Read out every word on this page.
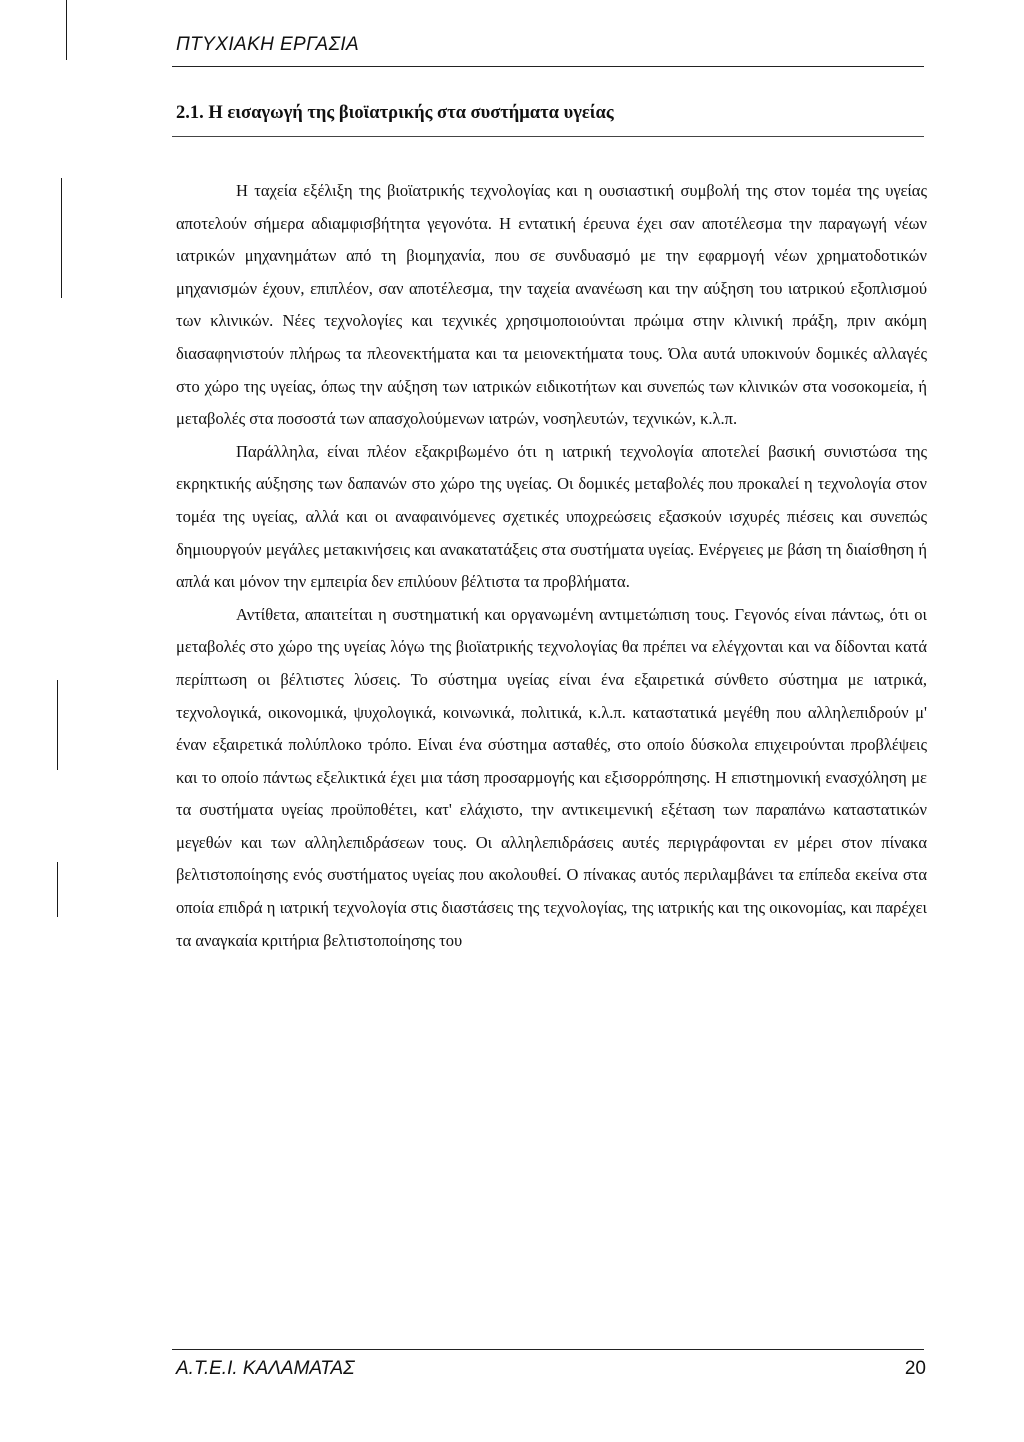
ΠΤΥΧΙΑΚΗ ΕΡΓΑΣΙΑ
2.1. Η εισαγωγή της βιοϊατρικής στα συστήματα υγείας

Η ταχεία εξέλιξη της βιοϊατρικής τεχνολογίας και η ουσιαστική συμβολή της στον τομέα της υγείας αποτελούν σήμερα αδιαμφισβήτητα γεγονότα. Η εντατική έρευνα έχει σαν αποτέλεσμα την παραγωγή νέων ιατρικών μηχανημάτων από τη βιομηχανία, που σε συνδυασμό με την εφαρμογή νέων χρηματοδοτικών μηχανισμών έχουν, επιπλέον, σαν αποτέλεσμα, την ταχεία ανανέωση και την αύξηση του ιατρικού εξοπλισμού των κλινικών. Νέες τεχνολογίες και τεχνικές χρησιμοποιούνται πρώιμα στην κλινική πράξη, πριν ακόμη διασαφηνιστούν πλήρως τα πλεονεκτήματα και τα μειονεκτήματα τους. Όλα αυτά υποκινούν δομικές αλλαγές στο χώρο της υγείας, όπως την αύξηση των ιατρικών ειδικοτήτων και συνεπώς των κλινικών στα νοσοκομεία, ή μεταβολές στα ποσοστά των απασχολούμενων ιατρών, νοσηλευτών, τεχνικών, κ.λ.π.

Παράλληλα, είναι πλέον εξακριβωμένο ότι η ιατρική τεχνολογία αποτελεί βασική συνιστώσα της εκρηκτικής αύξησης των δαπανών στο χώρο της υγείας. Οι δομικές μεταβολές που προκαλεί η τεχνολογία στον τομέα της υγείας, αλλά και οι αναφαινόμενες σχετικές υποχρεώσεις εξασκούν ισχυρές πιέσεις και συνεπώς δημιουργούν μεγάλες μετακινήσεις και ανακατατάξεις στα συστήματα υγείας. Ενέργειες με βάση τη διαίσθηση ή απλά και μόνον την εμπειρία δεν επιλύουν βέλτιστα τα προβλήματα.

Αντίθετα, απαιτείται η συστηματική και οργανωμένη αντιμετώπιση τους. Γεγονός είναι πάντως, ότι οι μεταβολές στο χώρο της υγείας λόγω της βιοϊατρικής τεχνολογίας θα πρέπει να ελέγχονται και να δίδονται κατά περίπτωση οι βέλτιστες λύσεις. Το σύστημα υγείας είναι ένα εξαιρετικά σύνθετο σύστημα με ιατρικά, τεχνολογικά, οικονομικά, ψυχολογικά, κοινωνικά, πολιτικά, κ.λ.π. καταστατικά μεγέθη που αλληλεπιδρούν μ' έναν εξαιρετικά πολύπλοκο τρόπο. Είναι ένα σύστημα ασταθές, στο οποίο δύσκολα επιχειρούνται προβλέψεις και το οποίο πάντως εξελικτικά έχει μια τάση προσαρμογής και εξισορρόπησης. Η επιστημονική ενασχόληση με τα συστήματα υγείας προϋποθέτει, κατ' ελάχιστο, την αντικειμενική εξέταση των παραπάνω καταστατικών μεγεθών και των αλληλεπιδράσεων τους. Οι αλληλεπιδράσεις αυτές περιγράφονται εν μέρει στον πίνακα βελτιστοποίησης ενός συστήματος υγείας που ακολουθεί. Ο πίνακας αυτός περιλαμβάνει τα επίπεδα εκείνα στα οποία επιδρά η ιατρική τεχνολογία στις διαστάσεις της τεχνολογίας, της ιατρικής και της οικονομίας, και παρέχει τα αναγκαία κριτήρια βελτιστοποίησης του

Α.Τ.Ε.Ι. ΚΑΛΑΜΑΤΑΣ	20
